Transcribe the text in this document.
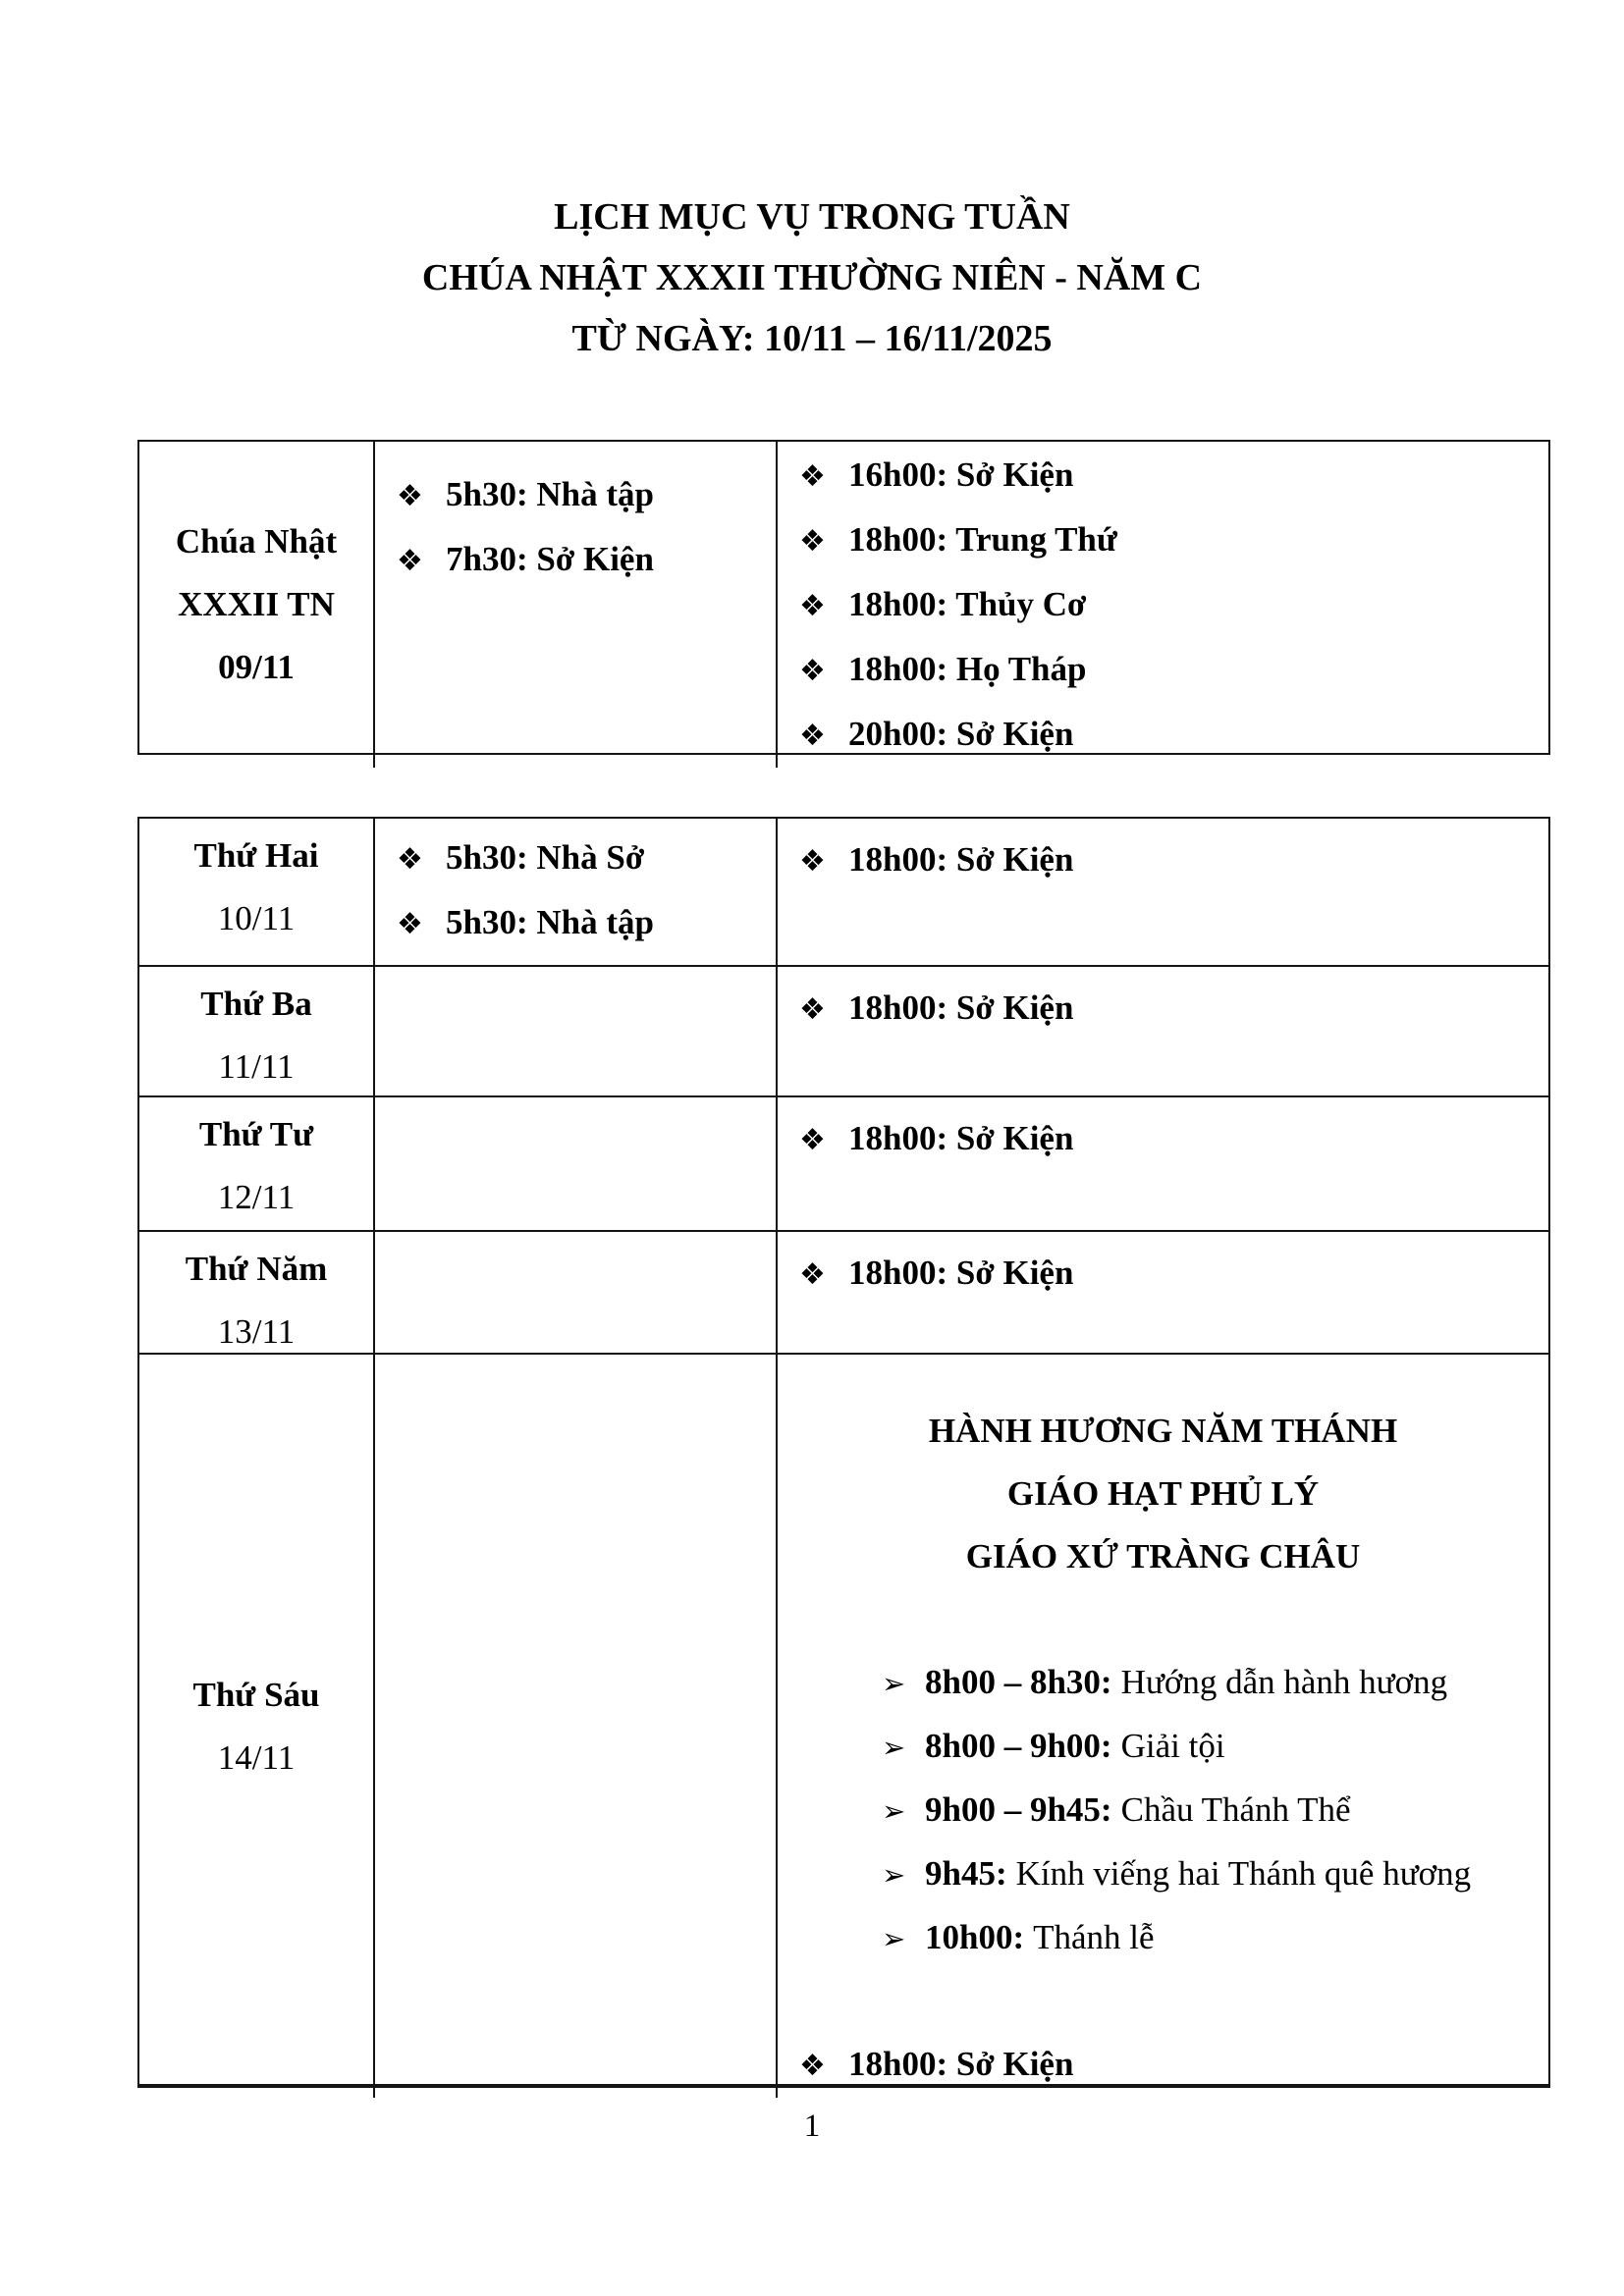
LỊCH MỤC VỤ TRONG TUẦN
CHÚA NHẬT XXXII THƯỜNG NIÊN - NĂM C
TỪ NGÀY: 10/11 – 16/11/2025
Chúa Nhật
XXXII TN
09/11
❖ 5h30: Nhà tập
❖ 7h30: Sở Kiện
❖ 16h00: Sở Kiện
❖ 18h00: Trung Thứ
❖ 18h00: Thủy Cơ
❖ 18h00: Họ Tháp
❖ 20h00: Sở Kiện
Thứ Hai
10/11
❖ 5h30: Nhà Sở
❖ 5h30: Nhà tập
❖ 18h00: Sở Kiện
Thứ Ba
11/11
❖ 18h00: Sở Kiện
Thứ Tư
12/11
❖ 18h00: Sở Kiện
Thứ Năm
13/11
❖ 18h00: Sở Kiện
Thứ Sáu
14/11
HÀNH HƯƠNG NĂM THÁNH
GIÁO HẠT PHỦ LÝ
GIÁO XỨ TRÀNG CHÂU
➢ 8h00 – 8h30: Hướng dẫn hành hương
➢ 8h00 – 9h00: Giải tội
➢ 9h00 – 9h45: Chầu Thánh Thể
➢ 9h45: Kính viếng hai Thánh quê hương
➢ 10h00: Thánh lễ
❖ 18h00: Sở Kiện
1
